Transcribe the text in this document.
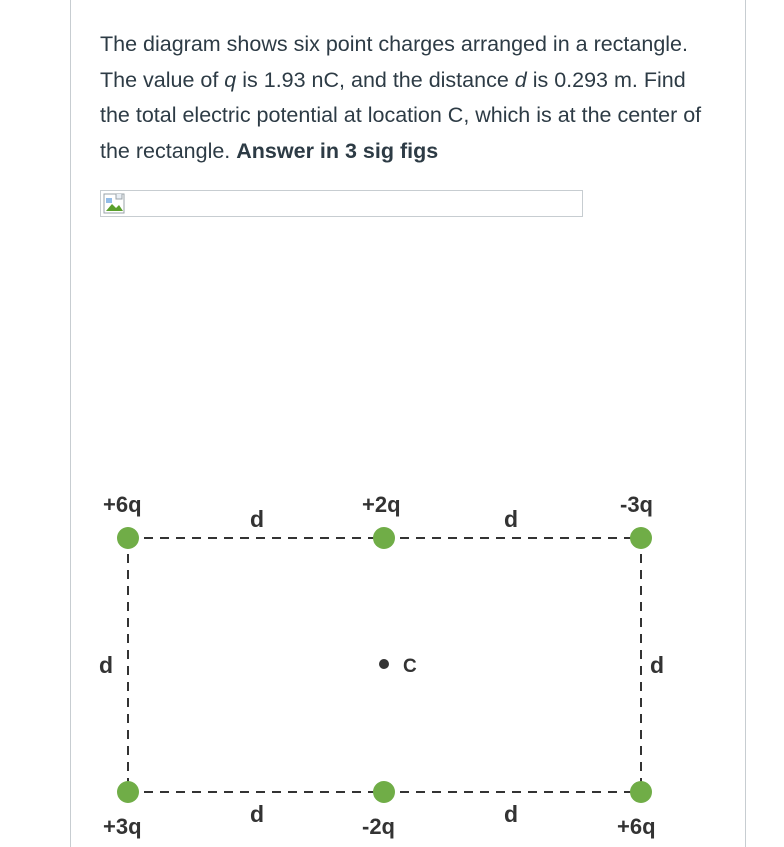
The diagram shows six point charges arranged in a rectangle. The value of q is 1.93 nC, and the distance d is 0.293 m. Find the total electric potential at location C, which is at the center of the rectangle. Answer in 3 sig figs
C
+6q	+2q	-3q
+3q	-2q	+6q
d	d
d	d
d	d
